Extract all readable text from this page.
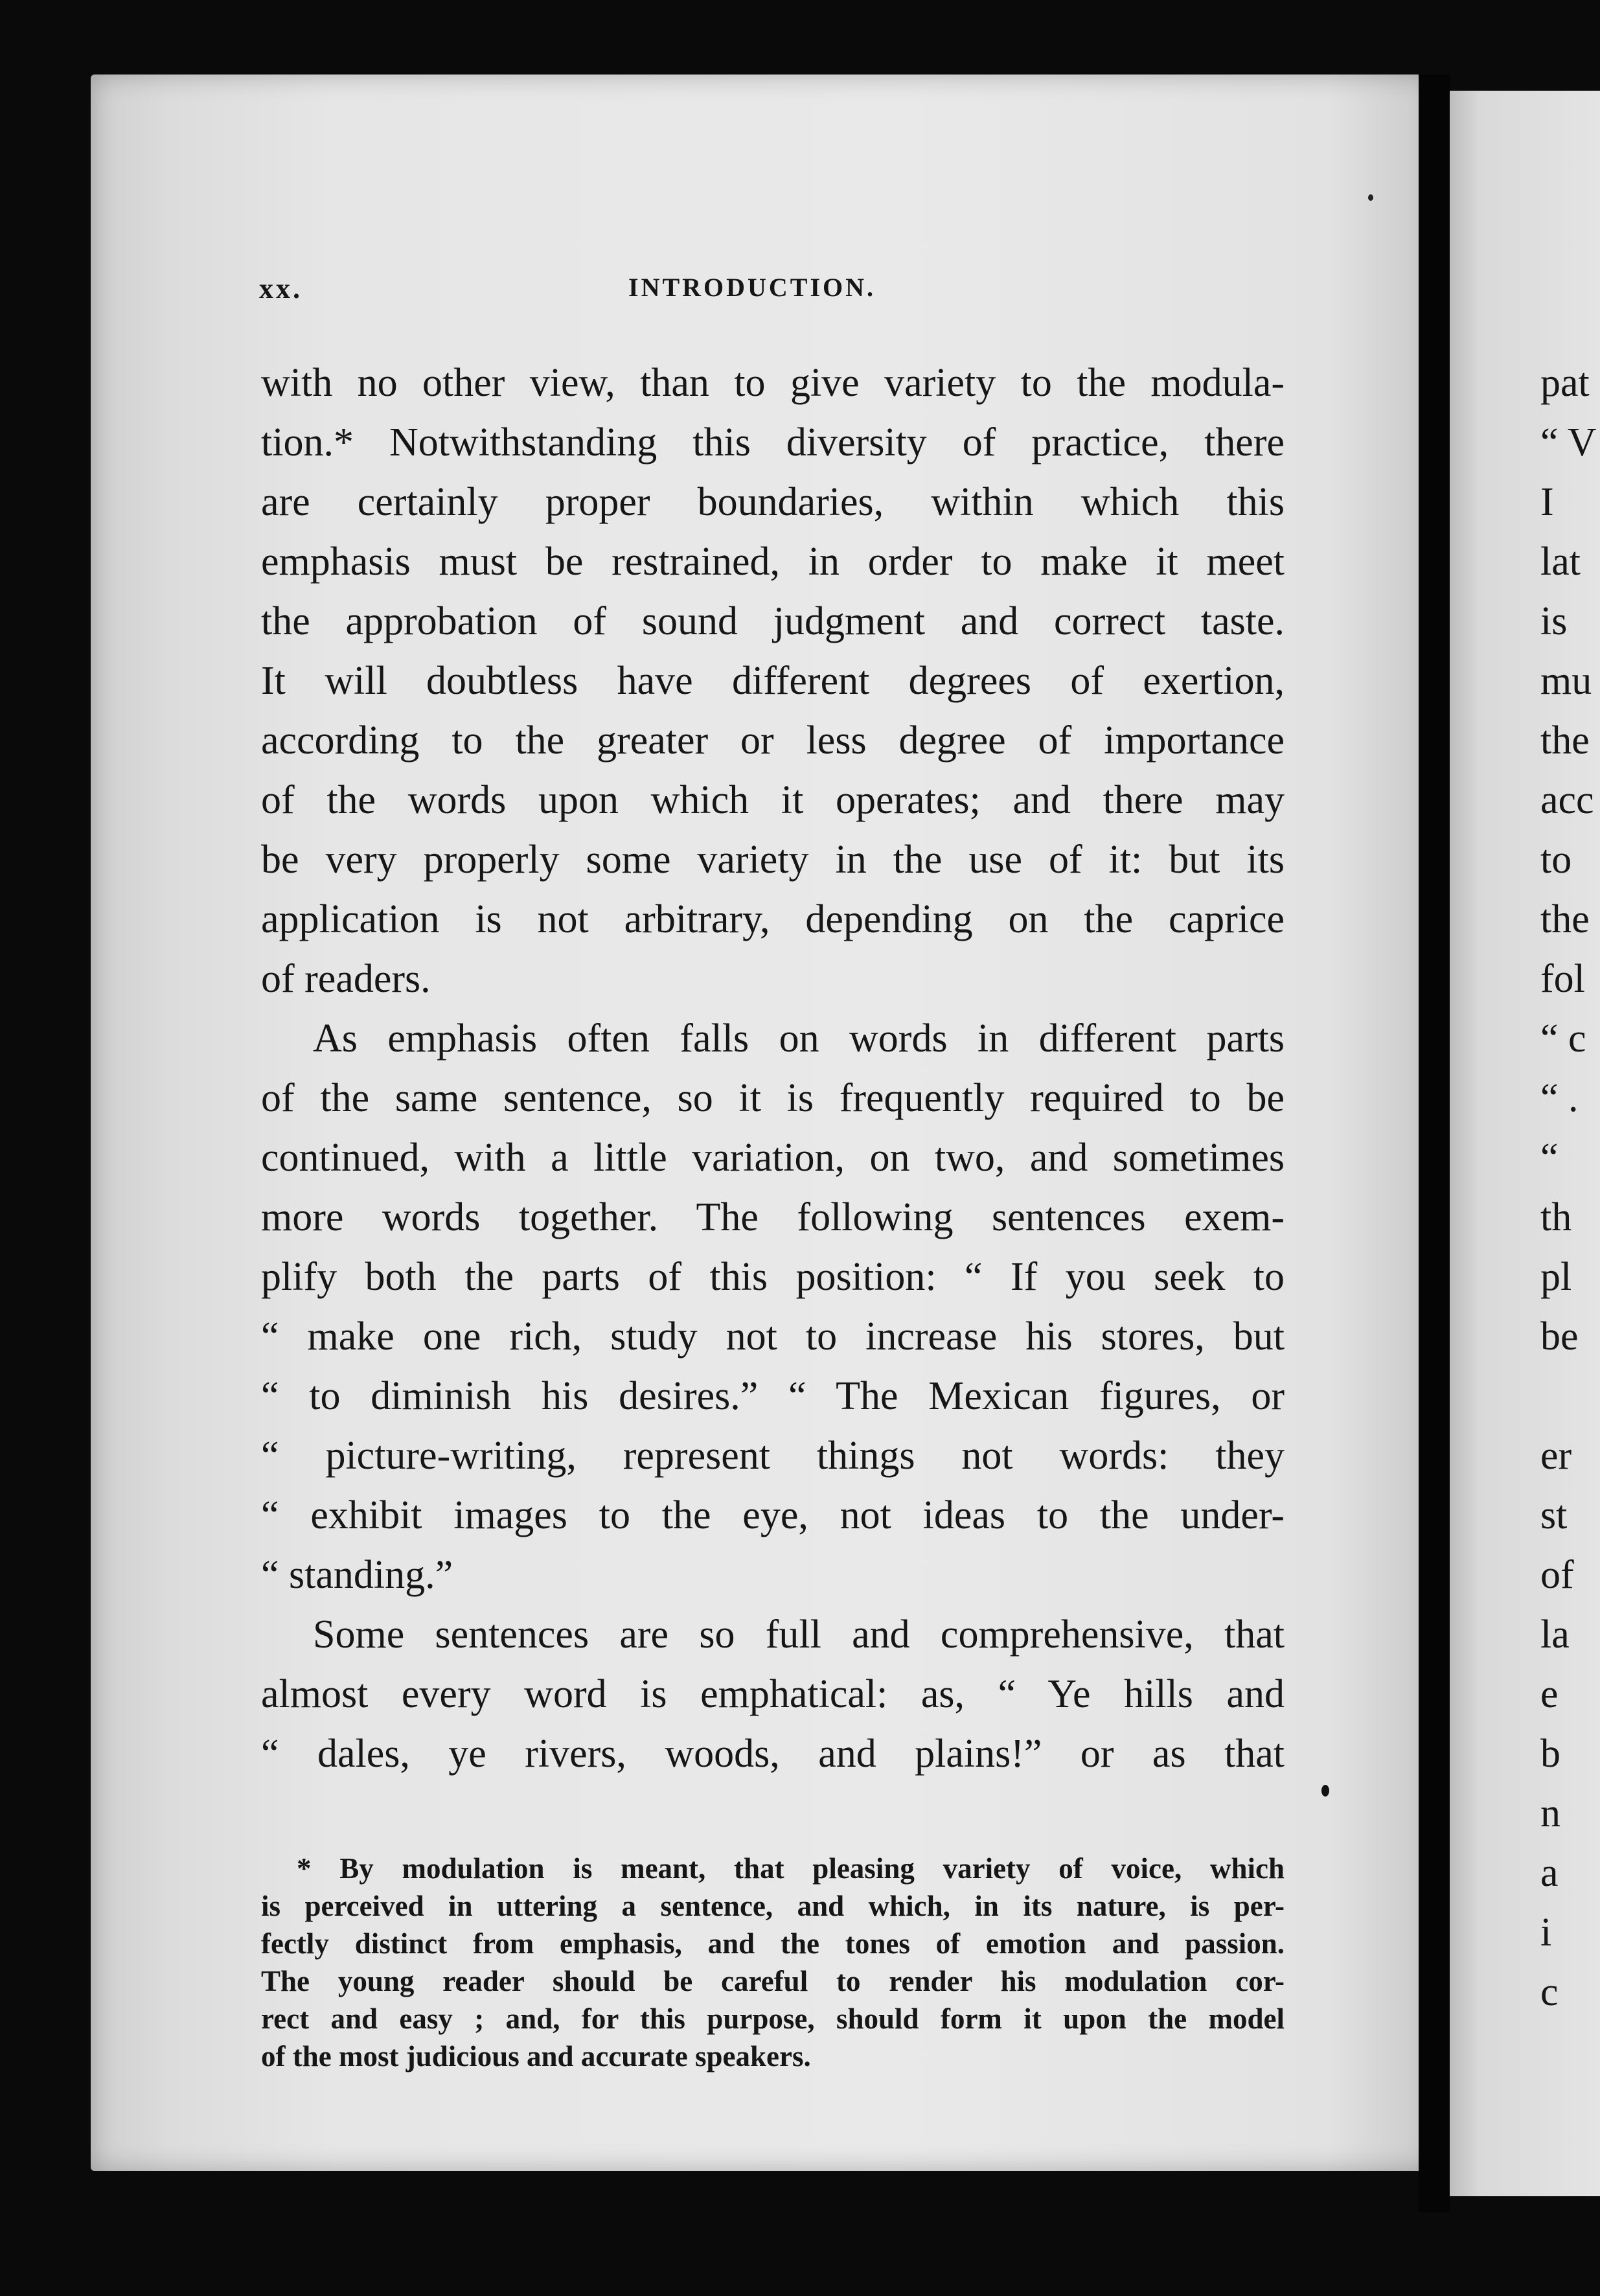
xx.	INTRODUCTION.
with no other view, than to give variety to the modula-
tion.* Notwithstanding this diversity of practice, there
are certainly proper boundaries, within which this
emphasis must be restrained, in order to make it meet
the approbation of sound judgment and correct taste.
It will doubtless have different degrees of exertion,
according to the greater or less degree of importance
of the words upon which it operates; and there may
be very properly some variety in the use of it: but its
application is not arbitrary, depending on the caprice
of readers.
As emphasis often falls on words in different parts
of the same sentence, so it is frequently required to be
continued, with a little variation, on two, and sometimes
more words together. The following sentences exem-
plify both the parts of this position: “ If you seek to
“ make one rich, study not to increase his stores, but
“ to diminish his desires.” “ The Mexican figures, or
“ picture-writing, represent things not words: they
“ exhibit images to the eye, not ideas to the under-
“ standing.”
Some sentences are so full and comprehensive, that
almost every word is emphatical: as, “ Ye hills and
“ dales, ye rivers, woods, and plains!” or as that
* By modulation is meant, that pleasing variety of voice, which
is perceived in uttering a sentence, and which, in its nature, is per-
fectly distinct from emphasis, and the tones of emotion and passion.
The young reader should be careful to render his modulation cor-
rect and easy ; and, for this purpose, should form it upon the model
of the most judicious and accurate speakers.
pat
“ V
I
lat
is
mu
the
acc
to
the
fol
“ c
“ .
“
th
pl
be
er
st
of
la
e
b
n
a
i
c
